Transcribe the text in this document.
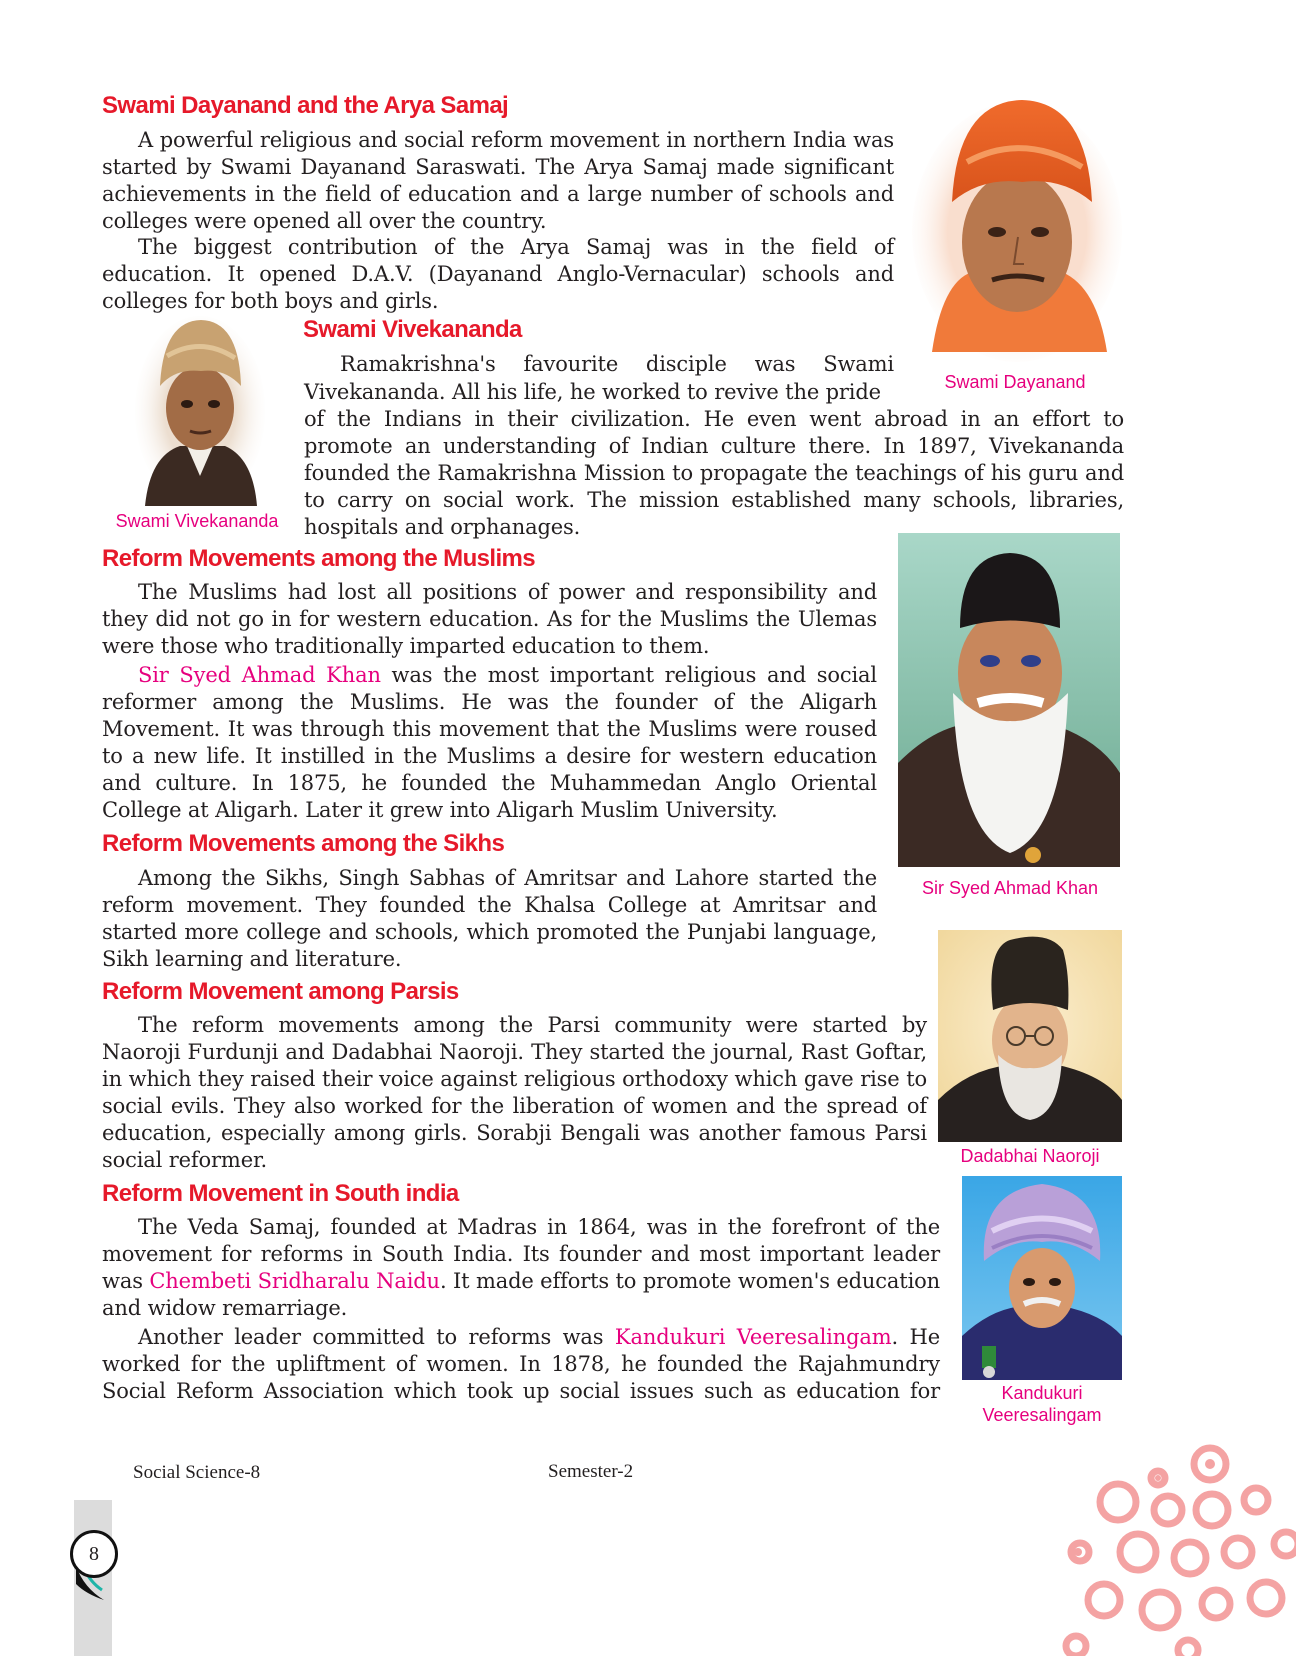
Swami Dayanand and the Arya Samaj

A powerful religious and social reform movement in northern India was started by Swami Dayanand Saraswati. The Arya Samaj made significant achievements in the field of education and a large number of schools and colleges were opened all over the country.

The biggest contribution of the Arya Samaj was in the field of education. It opened D.A.V. (Dayanand Anglo-Vernacular) schools and colleges for both boys and girls.

Swami Dayanand
Swami Vivekananda
Swami Vivekananda

Ramakrishna's favourite disciple was Swami

Vivekananda. All his life, he worked to revive the pride

of the Indians in their civilization. He even went abroad in an effort to promote an understanding of Indian culture there. In 1897, Vivekananda founded the Ramakrishna Mission to propagate the teachings of his guru and to carry on social work. The mission established many schools, libraries, hospitals and orphanages.

Reform Movements among the Muslims

The Muslims had lost all positions of power and responsibility and they did not go in for western education. As for the Muslims the Ulemas were those who traditionally imparted education to them.

Sir Syed Ahmad Khan was the most important religious and social reformer among the Muslims. He was the founder of the Aligarh Movement. It was through this movement that the Muslims were roused to a new life. It instilled in the Muslims a desire for western education and culture. In 1875, he founded the Muhammedan Anglo Oriental College at Aligarh. Later it grew into Aligarh Muslim University.

Sir Syed Ahmad Khan
Reform Movements among the Sikhs

Among the Sikhs, Singh Sabhas of Amritsar and Lahore started the reform movement. They founded the Khalsa College at Amritsar and started more college and schools, which promoted the Punjabi language, Sikh learning and literature.

Reform Movement among Parsis

The reform movements among the Parsi community were started by Naoroji Furdunji and Dadabhai Naoroji. They started the journal, Rast Goftar, in which they raised their voice against religious orthodoxy which gave rise to social evils. They also worked for the liberation of women and the spread of education, especially among girls. Sorabji Bengali was another famous Parsi social reformer.	Dadabhai Naoroji
Reform Movement in South india

The Veda Samaj, founded at Madras in 1864, was in the forefront of the movement for reforms in South India. Its founder and most important leader was Chembeti Sridharalu Naidu. It made efforts to promote women's education and widow remarriage.

Another leader committed to reforms was Kandukuri Veeresalingam. He worked for the upliftment of women. In 1878, he founded the Rajahmundry Social Reform Association which took up social issues such as education for	Kandukuri
Veeresalingam
8
Social Science-8	Semester-2
